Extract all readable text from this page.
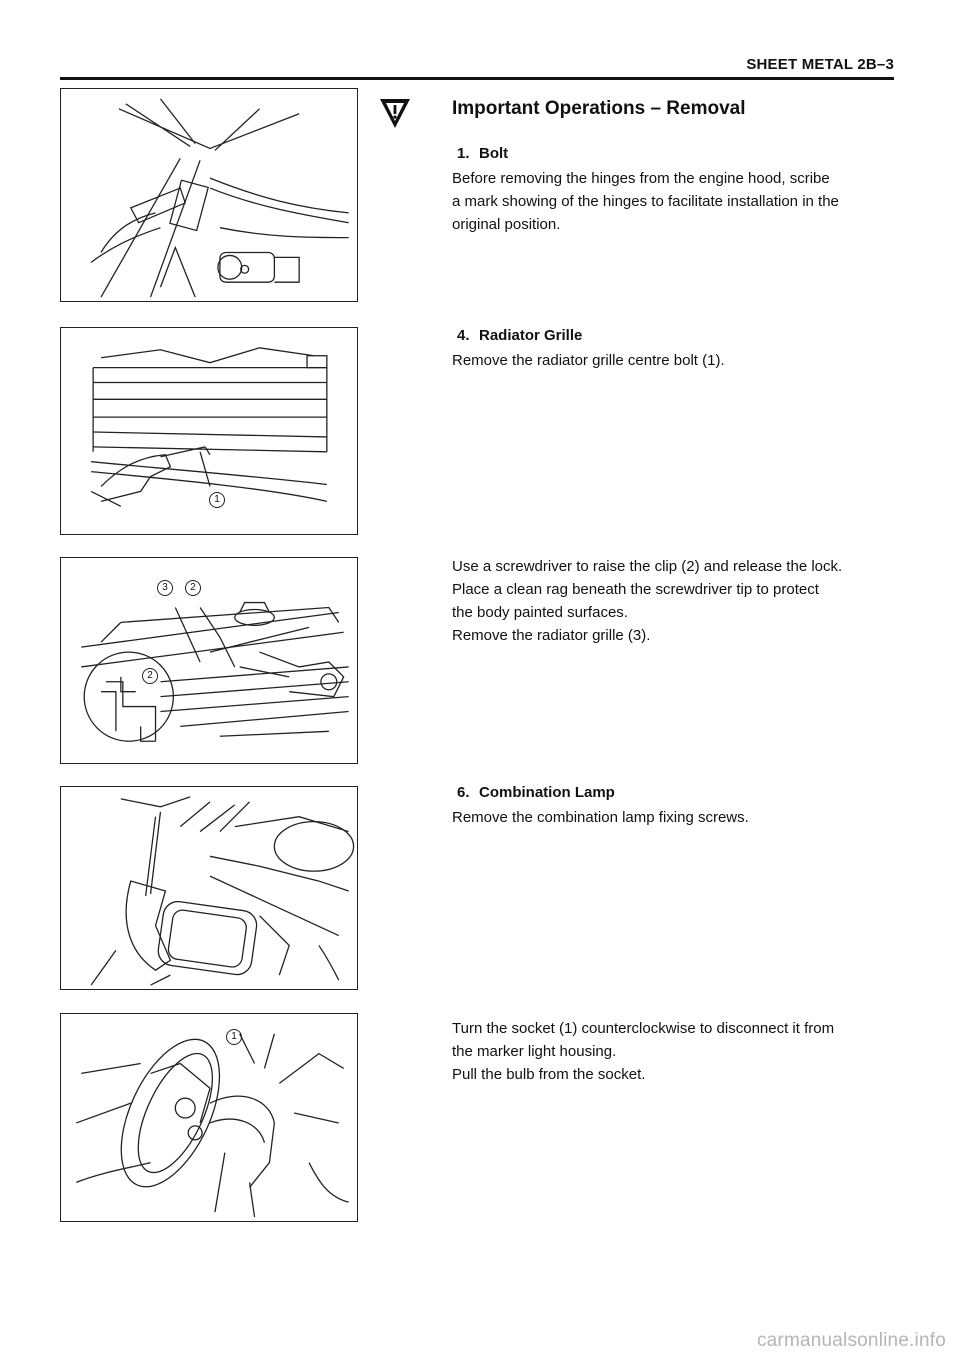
SHEET METAL 2B–3
1
3	2
2
1
Important Operations – Removal
1. Bolt

Before removing the hinges from the engine hood, scribe
a mark showing of the hinges to facilitate installation in the
original position.

4. Radiator Grille

Remove the radiator grille centre bolt (1).

Use a screwdriver to raise the clip (2) and release the lock.
Place a clean rag beneath the screwdriver tip to protect
the body painted surfaces.
Remove the radiator grille (3).

6. Combination Lamp

Remove the combination lamp fixing screws.

Turn the socket (1) counterclockwise to disconnect it from
the marker light housing.
Pull the bulb from the socket.

carmanualsonline.info
